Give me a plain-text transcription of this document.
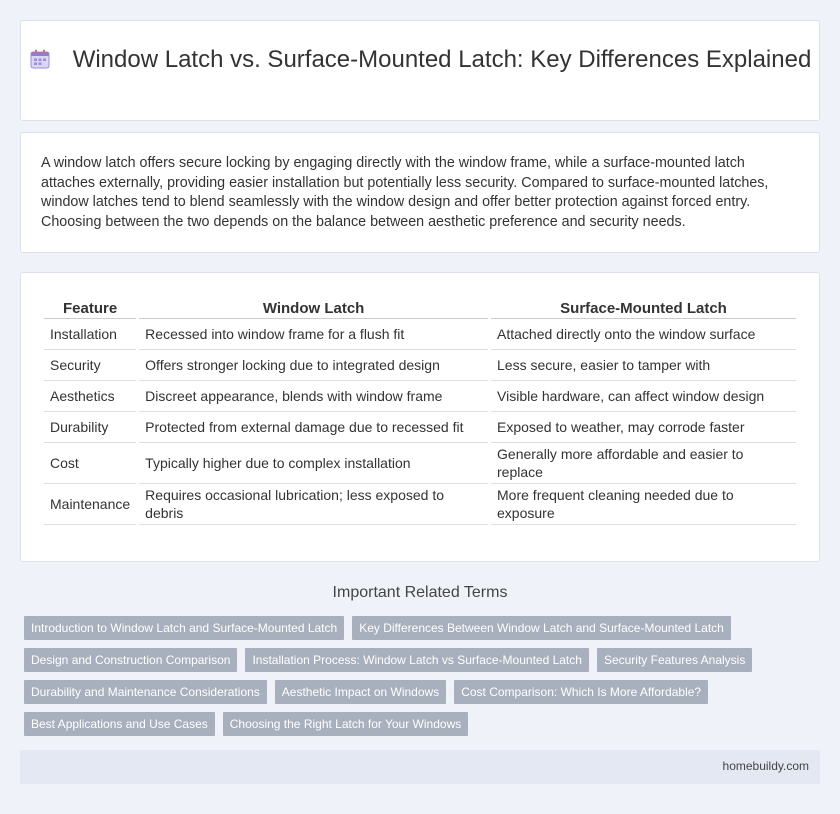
Window Latch vs. Surface-Mounted Latch: Key Differences Explained

A window latch offers secure locking by engaging directly with the window frame, while a surface-mounted latch attaches externally, providing easier installation but potentially less security. Compared to surface-mounted latches, window latches tend to blend seamlessly with the window design and offer better protection against forced entry. Choosing between the two depends on the balance between aesthetic preference and security needs.

Feature	Window Latch	Surface-Mounted Latch
Installation	Recessed into window frame for a flush fit	Attached directly onto the window surface
Security	Offers stronger locking due to integrated design	Less secure, easier to tamper with
Aesthetics	Discreet appearance, blends with window frame	Visible hardware, can affect window design
Durability	Protected from external damage due to recessed fit	Exposed to weather, may corrode faster
Cost	Typically higher due to complex installation	Generally more affordable and easier to replace
Maintenance	Requires occasional lubrication; less exposed to debris	More frequent cleaning needed due to exposure
Important Related Terms
Introduction to Window Latch and Surface-Mounted Latch	Key Differences Between Window Latch and Surface-Mounted Latch
Design and Construction Comparison	Installation Process: Window Latch vs Surface-Mounted Latch	Security Features Analysis
Durability and Maintenance Considerations	Aesthetic Impact on Windows	Cost Comparison: Which Is More Affordable?
Best Applications and Use Cases	Choosing the Right Latch for Your Windows
homebuildy.com
